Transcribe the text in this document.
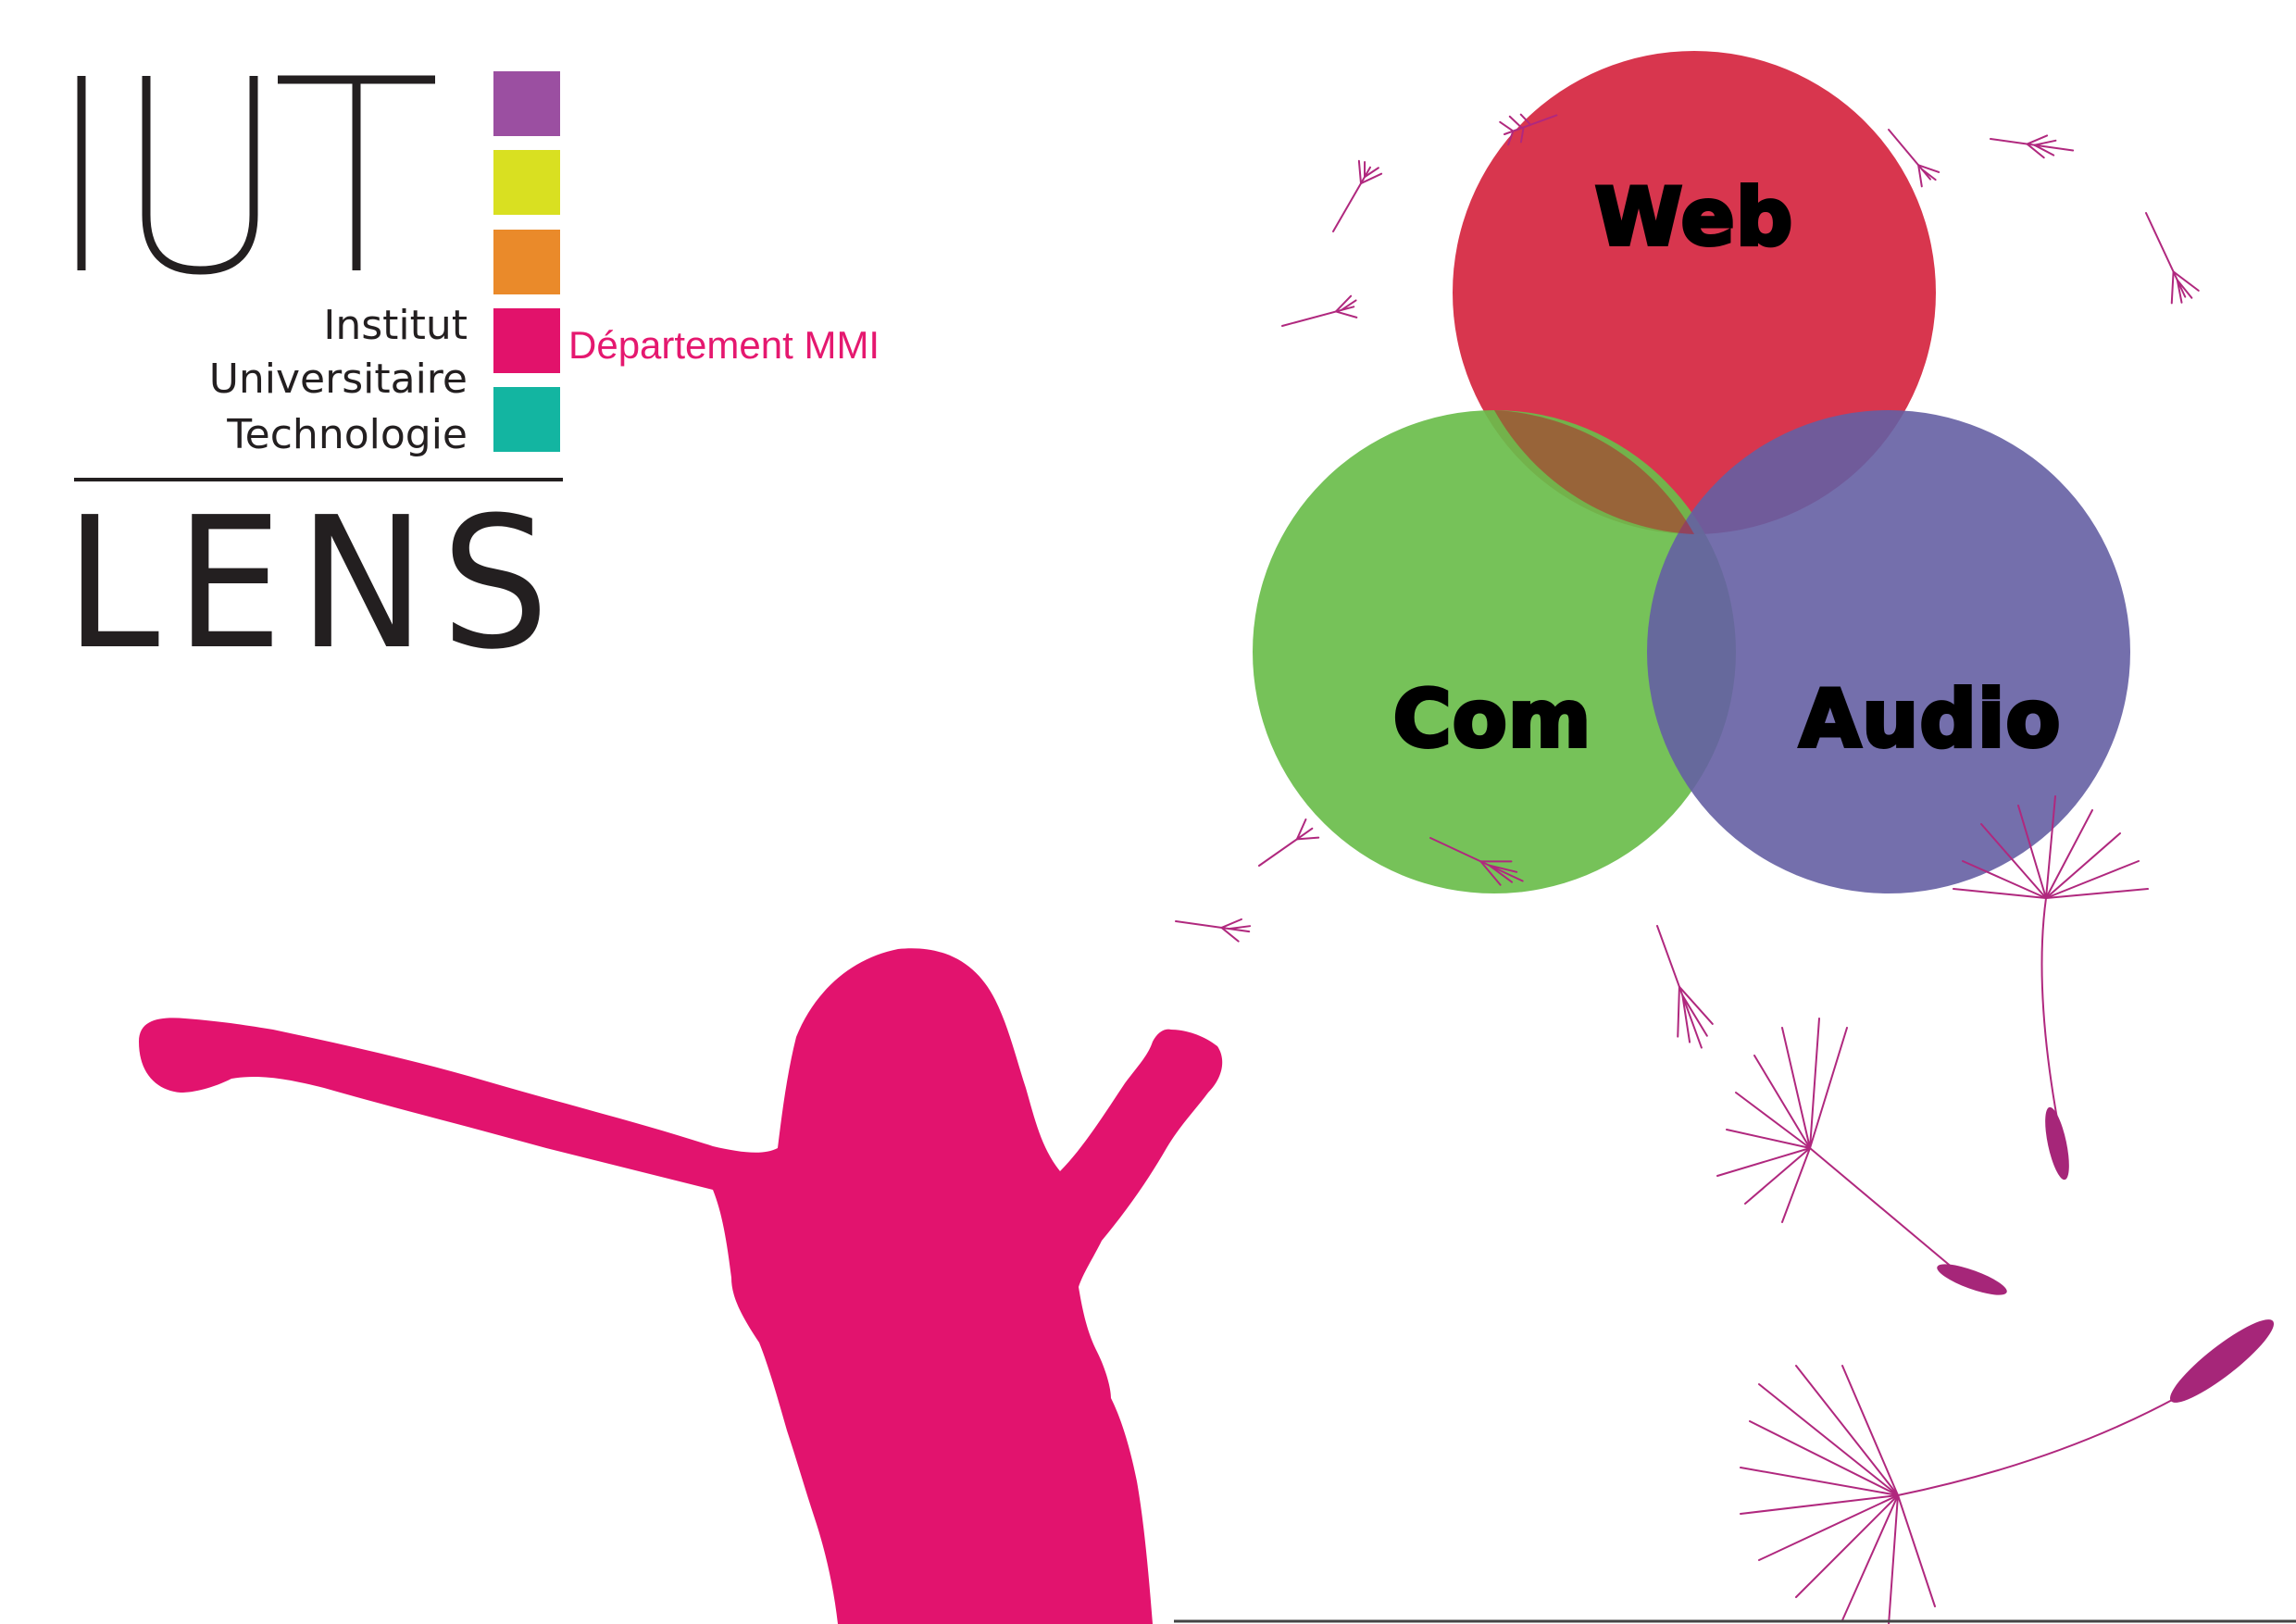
IUT
Institut
Universitaire
Technologie
LENS
Département MMI
Web
Com	Audio
